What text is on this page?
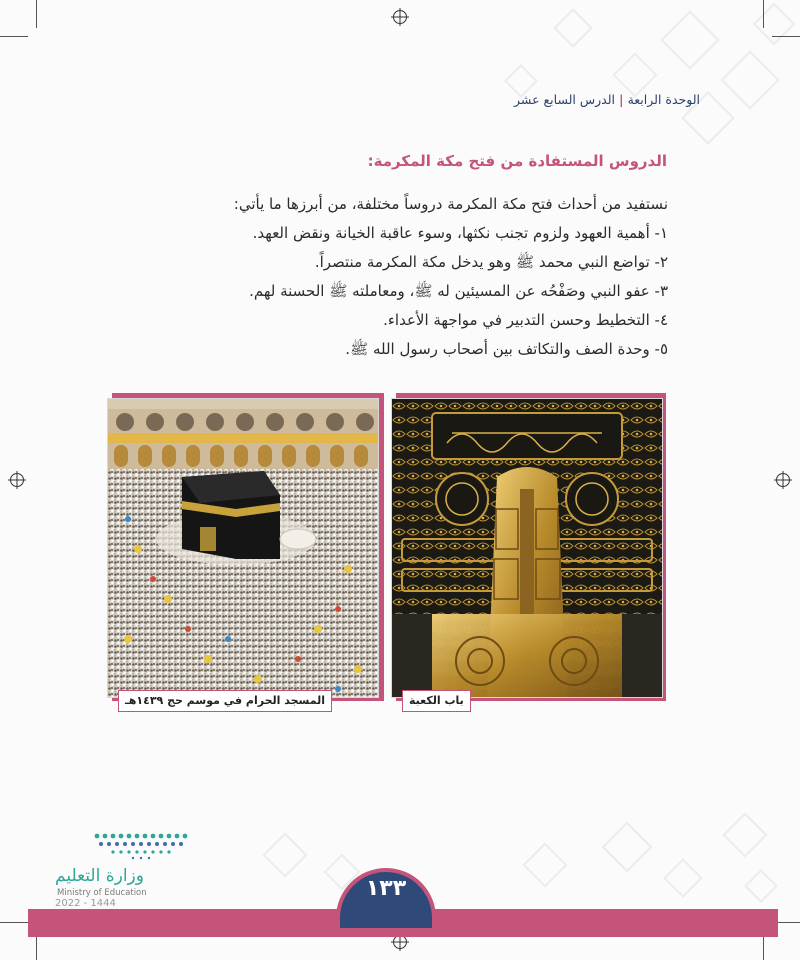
الوحدة الرابعة|الدرس السابع عشر
الدروس المستفادة من فتح مكة المكرمة:

نستفيد من أحداث فتح مكة المكرمة دروساً مختلفة، من أبرزها ما يأتي:

١- أهمية العهود ولزوم تجنب نكثها، وسوء عاقبة الخيانة ونقض العهد.
٢- تواضع النبي محمد ﷺ وهو يدخل مكة المكرمة منتصراً.
٣- عفو النبي وصَفْحُه عن المسيئين له ﷺ، ومعاملته ﷺ الحسنة لهم.
٤- التخطيط وحسن التدبير في مواجهة الأعداء.
٥- وحدة الصف والتكاتف بين أصحاب رسول الله ﷺ.
المسجد الحرام في موسم حج ١٤٣٩هـ	باب الكعبة
وزارة التعليم
Ministry of Education
2022 - 1444
١٣٣
